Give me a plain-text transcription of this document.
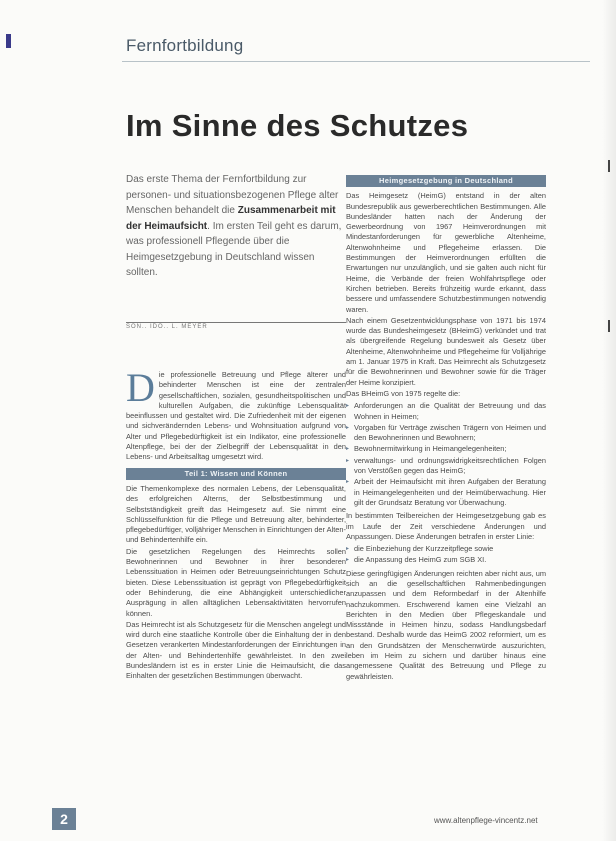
Fernfortbildung
Im Sinne des Schutzes
Das erste Thema der Fernfortbildung zur personen- und situationsbezogenen Pflege alter Menschen behandelt die Zusammenarbeit mit der Heimaufsicht. Im ersten Teil geht es darum, was professionell Pflegende über die Heimgesetzgebung in Deutschland wissen sollten.
SON.. IDO.. L. MEYER

Die professionelle Betreuung und Pflege älterer und behinderter Menschen ist eine der zentralen gesellschaftlichen, sozialen, gesundheitspolitischen und kulturellen Aufgaben, die zukünftige Lebensqualität beeinflussen und gestaltet wird. Die Zufriedenheit mit der eigenen und sichverändernden Lebens- und Wohnsituation aufgrund von Alter und Pflegebedürftigkeit ist ein Indikator, eine professionelle Altenpflege, bei der der Zielbegriff der Lebensqualität in den Lebens- und Arbeitsalltag umgesetzt wird.

Teil 1: Wissen und Können

Die Themenkomplexe des normalen Lebens, der Lebensqualität, des erfolgreichen Alterns, der Selbstbestimmung und Selbstständigkeit greift das Heimgesetz auf. Sie nimmt eine Schlüsselfunktion für die Pflege und Betreuung alter, behinderter, pflegebedürftiger, volljähriger Menschen in Einrichtungen der Alten- und Behindertenhilfe ein.

Die gesetzlichen Regelungen des Heimrechts sollen Bewohnerinnen und Bewohner in ihrer besonderen Lebenssituation in Heimen oder Betreuungseinrichtungen Schutz bieten. Diese Lebenssituation ist geprägt von Pflegebedürftigkeit oder Behinderung, die eine Abhängigkeit unterschiedlicher Ausprägung in allen alltäglichen Lebensaktivitäten hervorrufen können.

Das Heimrecht ist als Schutzgesetz für die Menschen angelegt und wird durch eine staatliche Kontrolle über die Einhaltung der in den Gesetzen verankerten Mindestanforderungen der Einrichtungen in der Alten- und Behindertenhilfe gewährleistet. In den zwei Bundesländern ist es in erster Linie die Heimaufsicht, die das Einhalten der gesetzlichen Bestimmungen überwacht.

Heimgesetzgebung in Deutschland

Das Heimgesetz (HeimG) entstand in der alten Bundesrepublik aus gewerberechtlichen Bestimmungen. Alle Bundesländer hatten nach der Änderung der Gewerbeordnung von 1967 Heimverordnungen mit Mindestanforderungen für gewerbliche Altenheime, Altenwohnheime und Pflegeheime erlassen. Die Bestimmungen der Heimverordnungen erfüllten die Erwartungen nur unzulänglich, und sie galten auch nicht für Heime, die Verbände der freien Wohlfahrtspflege oder Kirchen betrieben. Bereits frühzeitig wurde erkannt, dass bessere und umfassendere Schutzbestimmungen notwendig waren.

Nach einem Gesetzentwicklungsphase von 1971 bis 1974 wurde das Bundesheimgesetz (BHeimG) verkündet und trat als übergreifende Regelung bundesweit als Gesetz über Altenheime, Altenwohnheime und Pflegeheime für Volljährige am 1. Januar 1975 in Kraft. Das Heimrecht als Schutzgesetz für die Bewohnerinnen und Bewohner sowie für die Träger der Heime konzipiert.

Das BHeimG von 1975 regelte die:

▸ Anforderungen an die Qualität der Betreuung und das Wohnen in Heimen;
▸ Vorgaben für Verträge zwischen Trägern von Heimen und den Bewohnerinnen und Bewohnern;
▸ Bewohnermitwirkung in Heimangelegenheiten;
▸ verwaltungs- und ordnungswidrigkeitsrechtlichen Folgen von Verstößen gegen das HeimG;
▸ Arbeit der Heimaufsicht mit ihren Aufgaben der Beratung in Heimangelegenheiten und der Heimüberwachung. Hier gilt der Grundsatz Beratung vor Überwachung.

In bestimmten Teilbereichen der Heimgesetzgebung gab es im Laufe der Zeit verschiedene Änderungen und Anpassungen. Diese Änderungen betrafen in erster Linie:

▸ die Einbeziehung der Kurzzeitpflege sowie
▸ die Anpassung des HeimG zum SGB XI.

Diese geringfügigen Änderungen reichten aber nicht aus, um sich an die gesellschaftlichen Rahmenbedingungen anzupassen und dem Reformbedarf in der Altenhilfe nachzukommen. Erschwerend kamen eine Vielzahl an Berichten in den Medien über Pflegeskandale und Missstände in Heimen hinzu, sodass Handlungsbedarf bestand. Deshalb wurde das HeimG 2002 reformiert, um es an den Grundsätzen der Menschenwürde auszurichten, leben im Heim zu sichern und darüber hinaus eine angemessene Qualität des Betreuung und Pflege zu gewährleisten.

2	www.altenpflege-vincentz.net
